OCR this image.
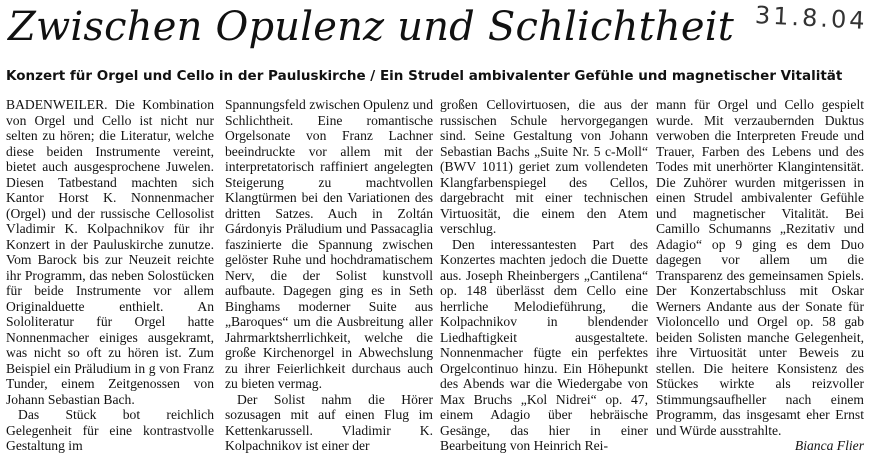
Zwischen Opulenz und Schlichtheit 31.8.04
Konzert für Orgel und Cello in der Pauluskirche / Ein Strudel ambivalenter Gefühle und magnetischer Vitalität

BADENWEILER. Die Kombination von Orgel und Cello ist nicht nur selten zu hören; die Literatur, welche diese beiden Instrumente vereint, bietet auch ausgesprochene Juwelen. Diesen Tatbestand machten sich Kantor Horst K. Nonnenmacher (Orgel) und der russische Cellosolist Vladimir K. Kolpachnikov für ihr Konzert in der Pauluskirche zunutze. Vom Barock bis zur Neuzeit reichte ihr Programm, das neben Solostücken für beide Instrumente vor allem Originalduette enthielt. An Sololiteratur für Orgel hatte Nonnenmacher einiges ausgekramt, was nicht so oft zu hören ist. Zum Beispiel ein Präludium in g von Franz Tunder, einem Zeitgenossen von Johann Sebastian Bach.

Das Stück bot reichlich Gelegenheit für eine kontrastvolle Gestaltung im

Spannungsfeld zwischen Opulenz und Schlichtheit. Eine romantische Orgelsonate von Franz Lachner beeindruckte vor allem mit der interpretatorisch raffiniert angelegten Steigerung zu machtvollen Klangtürmen bei den Variationen des dritten Satzes. Auch in Zoltán Gárdonyis Präludium und Passacaglia faszinierte die Spannung zwischen gelöster Ruhe und hochdramatischem Nerv, die der Solist kunstvoll aufbaute. Dagegen ging es in Seth Binghams moderner Suite aus „Baroques“ um die Ausbreitung aller Jahrmarktsherrlichkeit, welche die große Kirchenorgel in Abwechslung zu ihrer Feierlichkeit durchaus auch zu bieten vermag.

Der Solist nahm die Hörer sozusagen mit auf einen Flug im Kettenkarussell. Vladimir K. Kolpachnikov ist einer der

großen Cellovirtuosen, die aus der russischen Schule hervorgegangen sind. Seine Gestaltung von Johann Sebastian Bachs „Suite Nr. 5 c-Moll“ (BWV 1011) geriet zum vollendeten Klangfarbenspiegel des Cellos, dargebracht mit einer technischen Virtuosität, die einem den Atem verschlug.

Den interessantesten Part des Konzertes machten jedoch die Duette aus. Joseph Rheinbergers „Cantilena“ op. 148 überlässt dem Cello eine herrliche Melodieführung, die Kolpachnikov in blendender Liedhaftigkeit ausgestaltete. Nonnenmacher fügte ein perfektes Orgelcontinuo hinzu. Ein Höhepunkt des Abends war die Wiedergabe von Max Bruchs „Kol Nidrei“ op. 47, einem Adagio über hebräische Gesänge, das hier in einer Bearbeitung von Heinrich Rei-

mann für Orgel und Cello gespielt wurde. Mit verzaubernden Duktus verwoben die Interpreten Freude und Trauer, Farben des Lebens und des Todes mit unerhörter Klangintensität. Die Zuhörer wurden mitgerissen in einen Strudel ambivalenter Gefühle und magnetischer Vitalität. Bei Camillo Schumanns „Rezitativ und Adagio“ op 9 ging es dem Duo dagegen vor allem um die Transparenz des gemeinsamen Spiels. Der Konzertabschluss mit Oskar Werners Andante aus der Sonate für Violoncello und Orgel op. 58 gab beiden Solisten manche Gelegenheit, ihre Virtuosität unter Beweis zu stellen. Die heitere Konsistenz des Stückes wirkte als reizvoller Stimmungsaufheller nach einem Programm, das insgesamt eher Ernst und Würde ausstrahlte.

Bianca Flier
